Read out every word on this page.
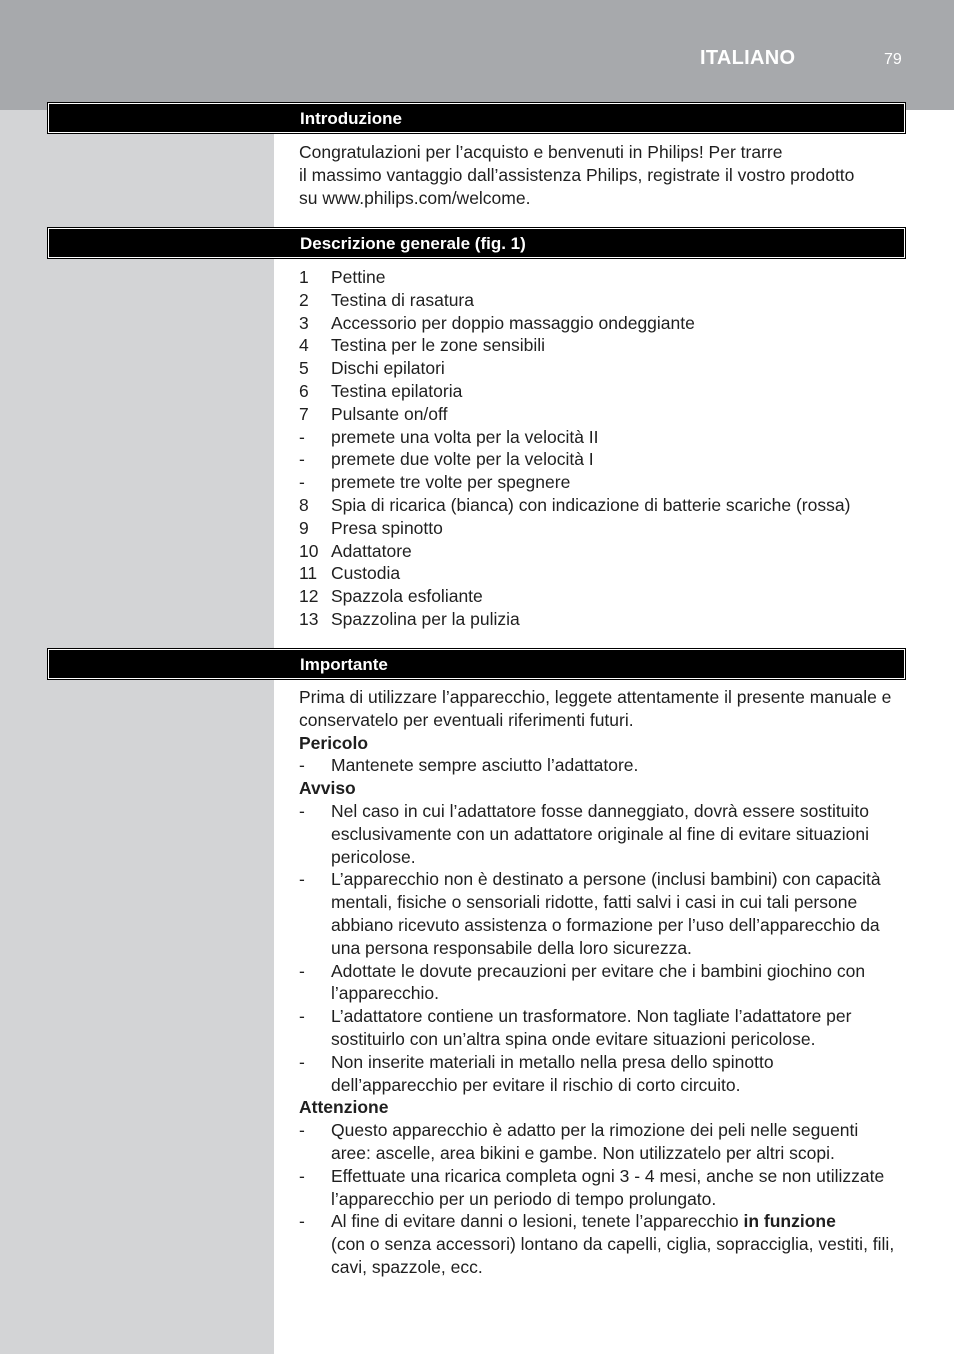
ITALIANO	79
Introduzione

Congratulazioni per l’acquisto e benvenuti in Philips! Per trarre

il massimo vantaggio dall’assistenza Philips, registrate il vostro prodotto

su www.philips.com/welcome.

Descrizione generale (fig. 1)
1	Pettine
2	Testina di rasatura
3	Accessorio per doppio massaggio ondeggiante
4	Testina per le zone sensibili
5	Dischi epilatori
6	Testina epilatoria
7	Pulsante on/off
-	premete una volta per la velocità II
-	premete due volte per la velocità I
-	premete tre volte per spegnere
8	Spia di ricarica (bianca) con indicazione di batterie scariche (rossa)
9	Presa spinotto
10 Adattatore
11 Custodia
12 Spazzola esfoliante
13 Spazzolina per la pulizia
Importante

Prima di utilizzare l’apparecchio, leggete attentamente il presente manuale e

conservatelo per eventuali riferimenti futuri.

Pericolo

-	Mantenete sempre asciutto l’adattatore.

Avviso

-	Nel caso in cui l’adattatore fosse danneggiato, dovrà essere sostituito
esclusivamente con un adattatore originale al fine di evitare situazioni
pericolose.
-	L’apparecchio non è destinato a persone (inclusi bambini) con capacità
mentali, fisiche o sensoriali ridotte, fatti salvi i casi in cui tali persone
abbiano ricevuto assistenza o formazione per l’uso dell’apparecchio da
una persona responsabile della loro sicurezza.
-	Adottate le dovute precauzioni per evitare che i bambini giochino con
l’apparecchio.
-	L’adattatore contiene un trasformatore. Non tagliate l’adattatore per
sostituirlo con un’altra spina onde evitare situazioni pericolose.
-	Non inserite materiali in metallo nella presa dello spinotto
dell’apparecchio per evitare il rischio di corto circuito.

Attenzione

-	Questo apparecchio è adatto per la rimozione dei peli nelle seguenti
aree: ascelle, area bikini e gambe. Non utilizzatelo per altri scopi.
-	Effettuate una ricarica completa ogni 3 - 4 mesi, anche se non utilizzate
l’apparecchio per un periodo di tempo prolungato.
-	Al fine di evitare danni o lesioni, tenete l’apparecchio in funzione
(con o senza accessori) lontano da capelli, ciglia, sopracciglia, vestiti, fili,
cavi, spazzole, ecc.
